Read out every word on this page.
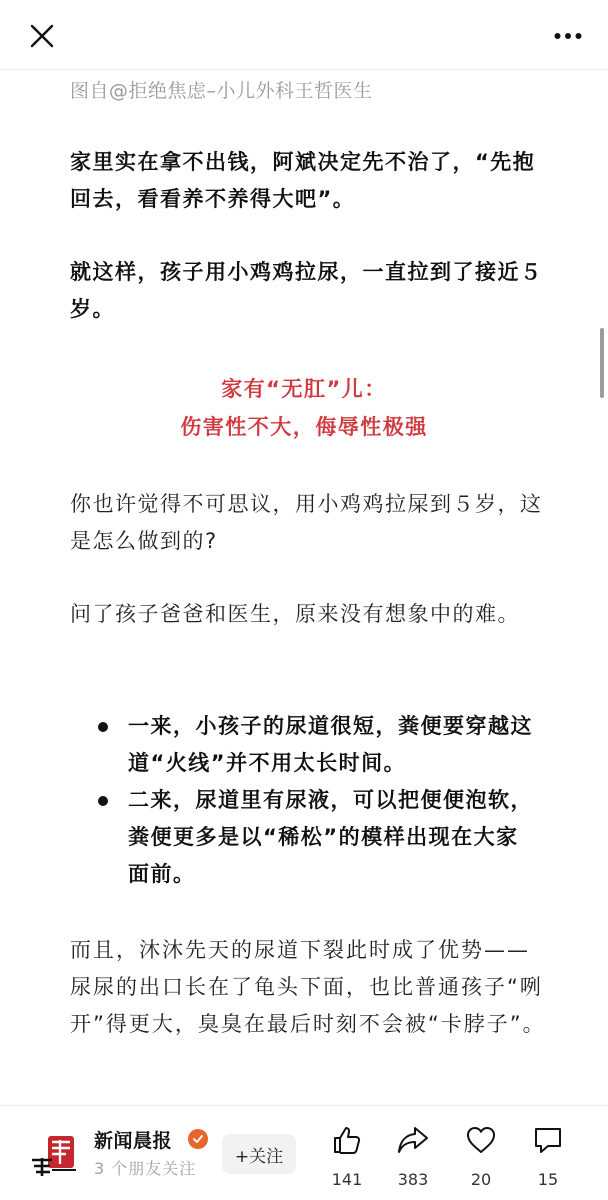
图自@拒绝焦虑–小儿外科王哲医生
家里实在拿不出钱，阿斌决定先不治了，“先抱回去，看看养不养得大吧”。
就这样，孩子用小鸡鸡拉尿，一直拉到了接近５岁。
家有“无肛”儿：
伤害性不大，侮辱性极强
你也许觉得不可思议，用小鸡鸡拉屎到５岁，这是怎么做到的?
问了孩子爸爸和医生，原来没有想象中的难。
一来，小孩子的尿道很短，粪便要穿越这道“火线”并不用太长时间。
二来，尿道里有尿液，可以把便便泡软，粪便更多是以“稀松”的模样出现在大家面前。
而且，沐沐先天的尿道下裂此时成了优势——尿尿的出口长在了龟头下面，也比普通孩子“咧开”得更大，臭臭在最后时刻不会被“卡脖子”。
新闻晨报
3 个朋友关注
+关注
141	383	20	15
